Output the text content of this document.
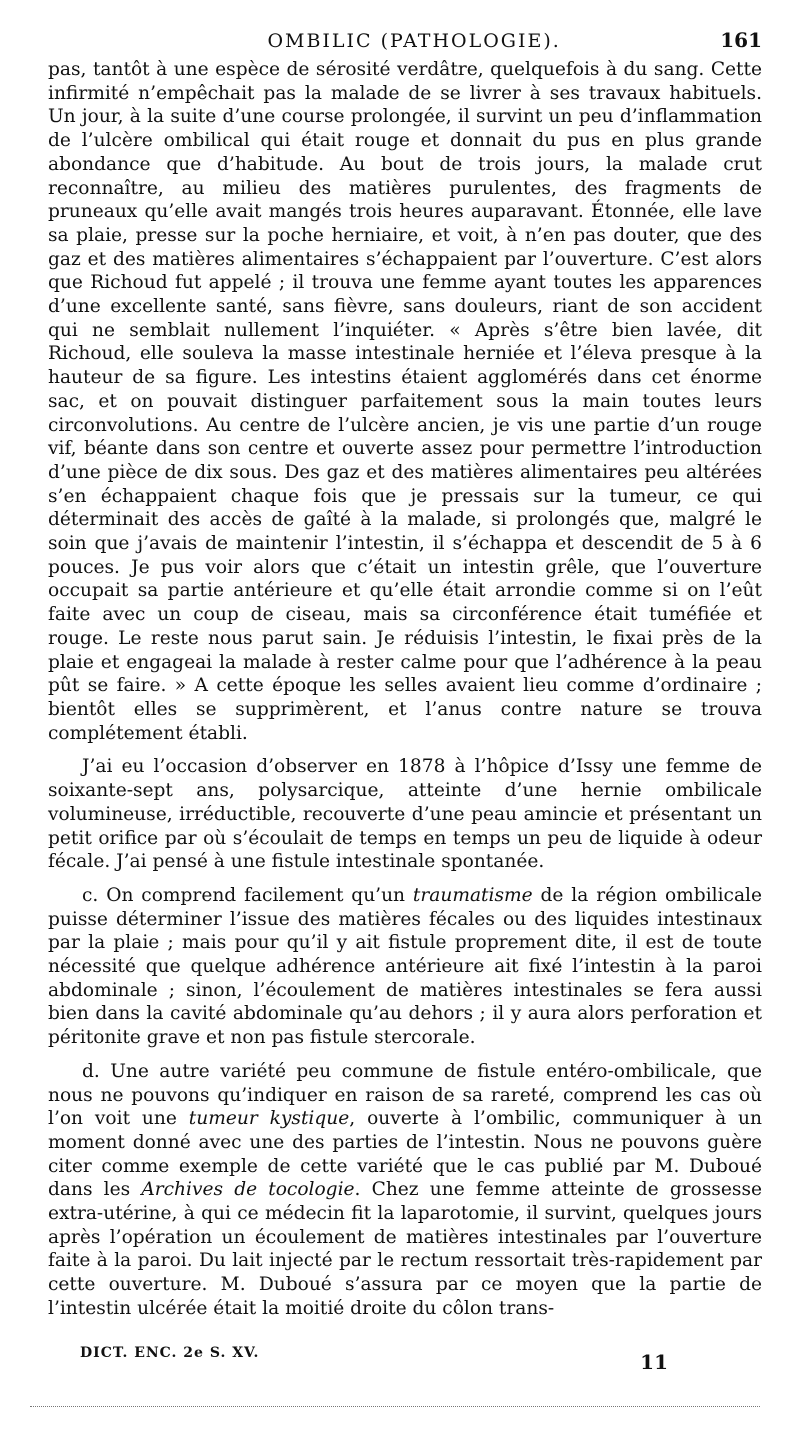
OMBILIC (PATHOLOGIE).	161

pas, tantôt à une espèce de sérosité verdâtre, quelquefois à du sang. Cette infirmité n’empêchait pas la malade de se livrer à ses travaux habituels. Un jour, à la suite d’une course prolongée, il survint un peu d’inflammation de l’ulcère ombilical qui était rouge et donnait du pus en plus grande abondance que d’habitude. Au bout de trois jours, la malade crut reconnaître, au milieu des matières purulentes, des fragments de pruneaux qu’elle avait mangés trois heures auparavant. Étonnée, elle lave sa plaie, presse sur la poche herniaire, et voit, à n’en pas douter, que des gaz et des matières alimentaires s’échappaient par l’ouverture. C’est alors que Richoud fut appelé ; il trouva une femme ayant toutes les apparences d’une excellente santé, sans fièvre, sans douleurs, riant de son accident qui ne semblait nullement l’inquiéter. « Après s’être bien lavée, dit Richoud, elle souleva la masse intestinale herniée et l’éleva presque à la hauteur de sa figure. Les intestins étaient agglomérés dans cet énorme sac, et on pouvait distinguer parfaitement sous la main toutes leurs circonvolutions. Au centre de l’ulcère ancien, je vis une partie d’un rouge vif, béante dans son centre et ouverte assez pour permettre l’introduction d’une pièce de dix sous. Des gaz et des matières alimentaires peu altérées s’en échappaient chaque fois que je pressais sur la tumeur, ce qui déterminait des accès de gaîté à la malade, si prolongés que, malgré le soin que j’avais de maintenir l’intestin, il s’échappa et descendit de 5 à 6 pouces. Je pus voir alors que c’était un intestin grêle, que l’ouverture occupait sa partie antérieure et qu’elle était arrondie comme si on l’eût faite avec un coup de ciseau, mais sa circonférence était tuméfiée et rouge. Le reste nous parut sain. Je réduisis l’intestin, le fixai près de la plaie et engageai la malade à rester calme pour que l’adhérence à la peau pût se faire. » A cette époque les selles avaient lieu comme d’ordinaire ; bientôt elles se supprimèrent, et l’anus contre nature se trouva complétement établi.

J’ai eu l’occasion d’observer en 1878 à l’hôpice d’Issy une femme de soixante-sept ans, polysarcique, atteinte d’une hernie ombilicale volumineuse, irréductible, recouverte d’une peau amincie et présentant un petit orifice par où s’écoulait de temps en temps un peu de liquide à odeur fécale. J’ai pensé à une fistule intestinale spontanée.

c. On comprend facilement qu’un traumatisme de la région ombilicale puisse déterminer l’issue des matières fécales ou des liquides intestinaux par la plaie ; mais pour qu’il y ait fistule proprement dite, il est de toute nécessité que quelque adhérence antérieure ait fixé l’intestin à la paroi abdominale ; sinon, l’écoulement de matières intestinales se fera aussi bien dans la cavité abdominale qu’au dehors ; il y aura alors perforation et péritonite grave et non pas fistule stercorale.

d. Une autre variété peu commune de fistule entéro-ombilicale, que nous ne pouvons qu’indiquer en raison de sa rareté, comprend les cas où l’on voit une tumeur kystique, ouverte à l’ombilic, communiquer à un moment donné avec une des parties de l’intestin. Nous ne pouvons guère citer comme exemple de cette variété que le cas publié par M. Duboué dans les Archives de tocologie. Chez une femme atteinte de grossesse extra-utérine, à qui ce médecin fit la laparotomie, il survint, quelques jours après l’opération un écoulement de matières intestinales par l’ouverture faite à la paroi. Du lait injecté par le rectum ressortait très-rapidement par cette ouverture. M. Duboué s’assura par ce moyen que la partie de l’intestin ulcérée était la moitié droite du côlon trans-

DICT. ENC. 2e S. XV.	11
